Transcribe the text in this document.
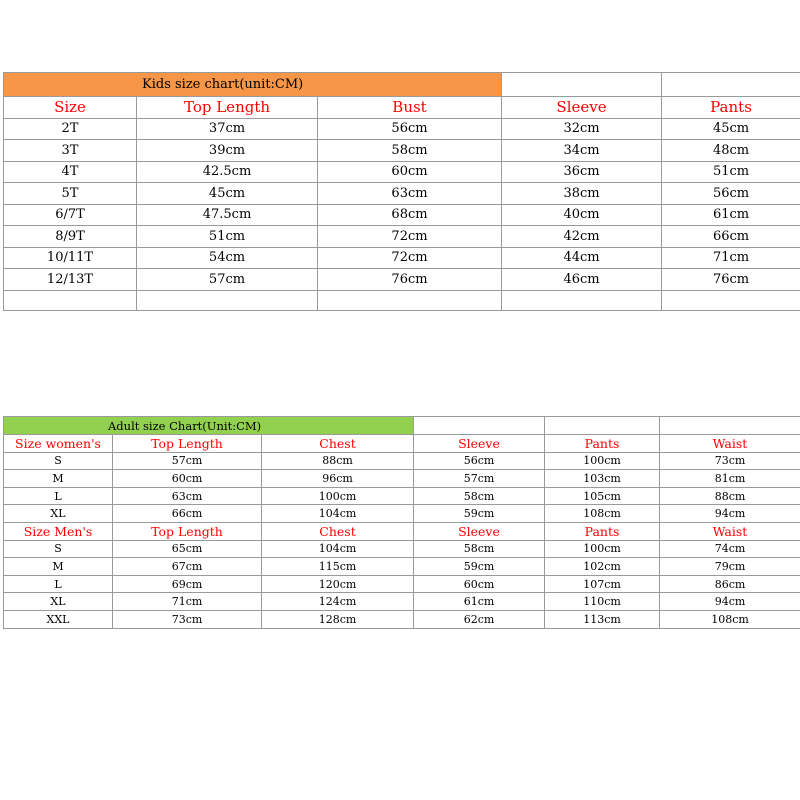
Kids size chart(unit:CM)				
Size	Top Length	Bust	Sleeve	Pants
2T	37cm	56cm	32cm	45cm
3T	39cm	58cm	34cm	48cm
4T	42.5cm	60cm	36cm	51cm
5T	45cm	63cm	38cm	56cm
6/7T	47.5cm	68cm	40cm	61cm
8/9T	51cm	72cm	42cm	66cm
10/11T	54cm	72cm	44cm	71cm
12/13T	57cm	76cm	46cm	76cm

Adult size Chart(Unit:CM)					
Size women's	Top Length	Chest	Sleeve	Pants	Waist
S	57cm	88cm	56cm	100cm	73cm
M	60cm	96cm	57cm	103cm	81cm
L	63cm	100cm	58cm	105cm	88cm
XL	66cm	104cm	59cm	108cm	94cm
Size Men's	Top Length	Chest	Sleeve	Pants	Waist
S	65cm	104cm	58cm	100cm	74cm
M	67cm	115cm	59cm	102cm	79cm
L	69cm	120cm	60cm	107cm	86cm
XL	71cm	124cm	61cm	110cm	94cm
XXL	73cm	128cm	62cm	113cm	108cm
